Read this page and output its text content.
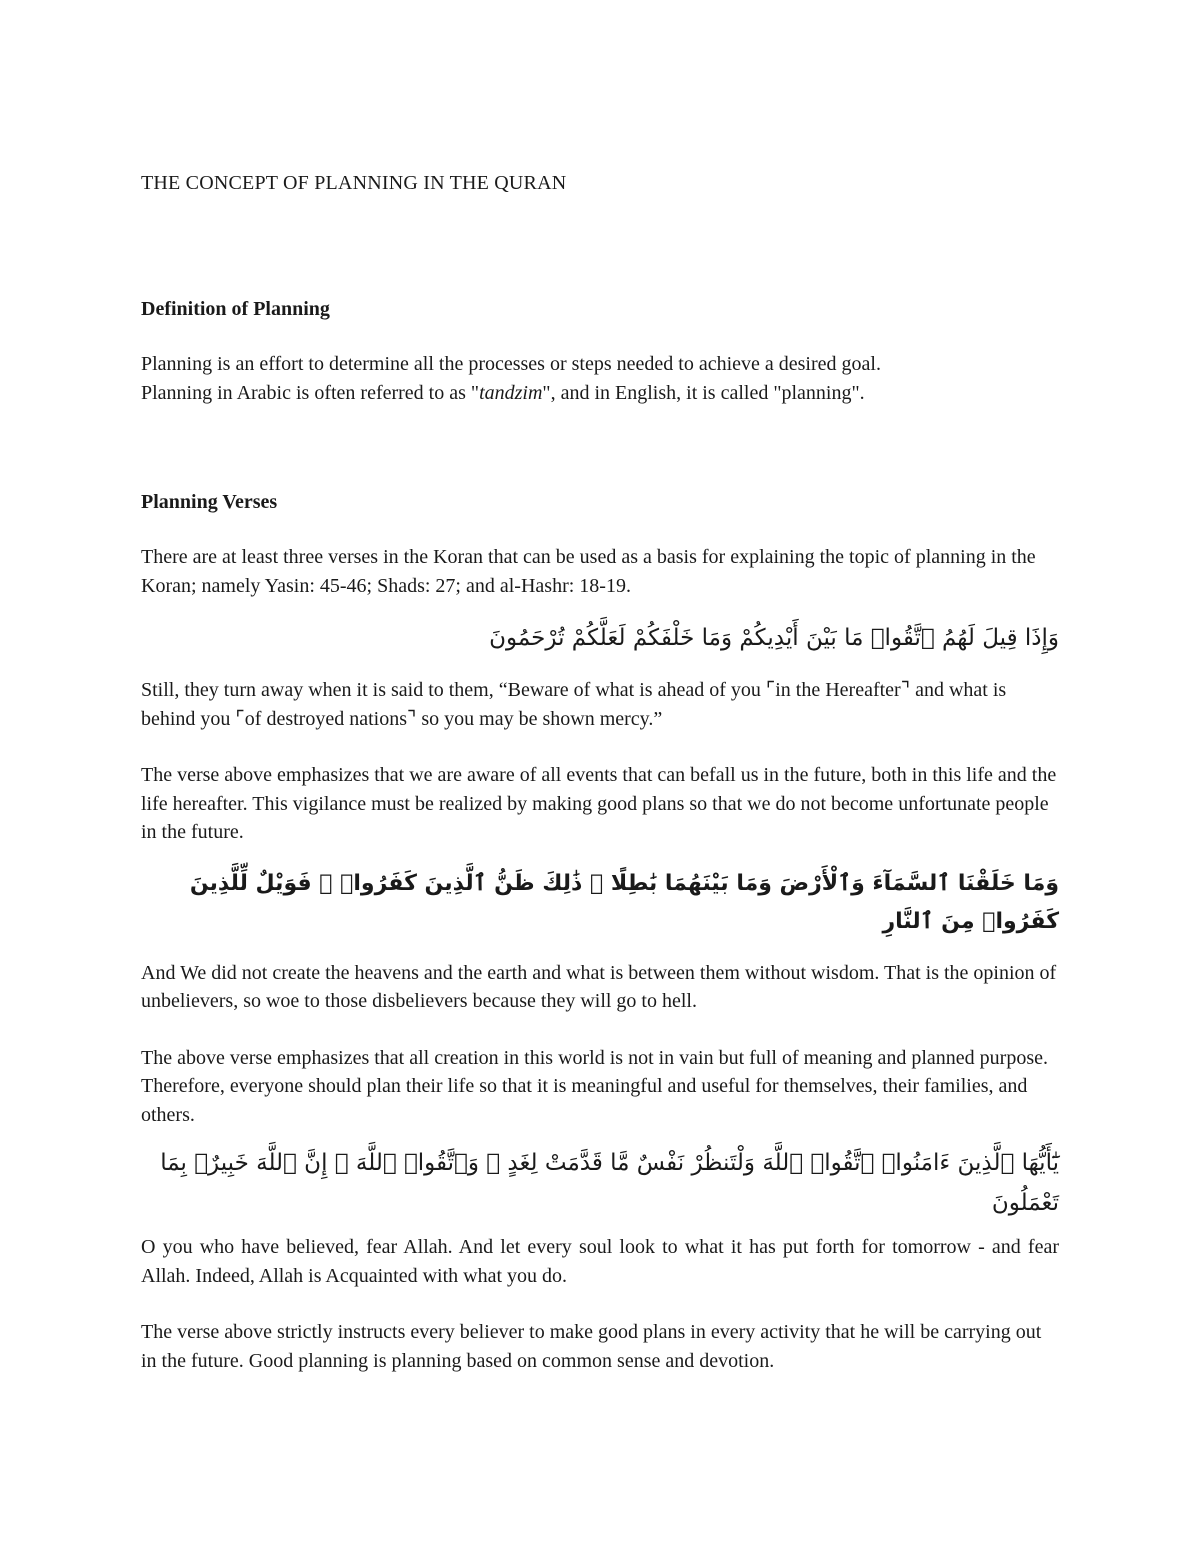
THE CONCEPT OF PLANNING IN THE QURAN
Definition of Planning

Planning is an effort to determine all the processes or steps needed to achieve a desired goal.
Planning in Arabic is often referred to as "tandzim", and in English, it is called "planning".

Planning Verses

There are at least three verses in the Koran that can be used as a basis for explaining the topic of planning in the Koran; namely Yasin: 45-46; Shads: 27; and al-Hashr: 18-19.

وَإِذَا قِيلَ لَهُمُ ٱتَّقُوا۟ مَا بَيْنَ أَيْدِيكُمْ وَمَا خَلْفَكُمْ لَعَلَّكُمْ تُرْحَمُونَ

Still, they turn away when it is said to them, “Beware of what is ahead of you ⌜in the Hereafter⌝ and what is behind you ⌜of destroyed nations⌝ so you may be shown mercy.”

The verse above emphasizes that we are aware of all events that can befall us in the future, both in this life and the life hereafter. This vigilance must be realized by making good plans so that we do not become unfortunate people in the future.

وَمَا خَلَقْنَا ٱلسَّمَآءَ وَٱلْأَرْضَ وَمَا بَيْنَهُمَا بَٰطِلًا ۚ ذَٰلِكَ ظَنُّ ٱلَّذِينَ كَفَرُوا۟ ۚ فَوَيْلٌ لِّلَّذِينَ كَفَرُوا۟ مِنَ ٱلنَّارِ

And We did not create the heavens and the earth and what is between them without wisdom. That is the opinion of unbelievers, so woe to those disbelievers because they will go to hell.

The above verse emphasizes that all creation in this world is not in vain but full of meaning and planned purpose. Therefore, everyone should plan their life so that it is meaningful and useful for themselves, their families, and others.

يَٰٓأَيُّهَا ٱلَّذِينَ ءَامَنُوا۟ ٱتَّقُوا۟ ٱللَّهَ وَلْتَنظُرْ نَفْسٌ مَّا قَدَّمَتْ لِغَدٍ ۖ وَٱتَّقُوا۟ ٱللَّهَ ۚ إِنَّ ٱللَّهَ خَبِيرٌۢ بِمَا تَعْمَلُونَ

O you who have believed, fear Allah. And let every soul look to what it has put forth for tomorrow - and fear Allah. Indeed, Allah is Acquainted with what you do.

The verse above strictly instructs every believer to make good plans in every activity that he will be carrying out in the future. Good planning is planning based on common sense and devotion.
